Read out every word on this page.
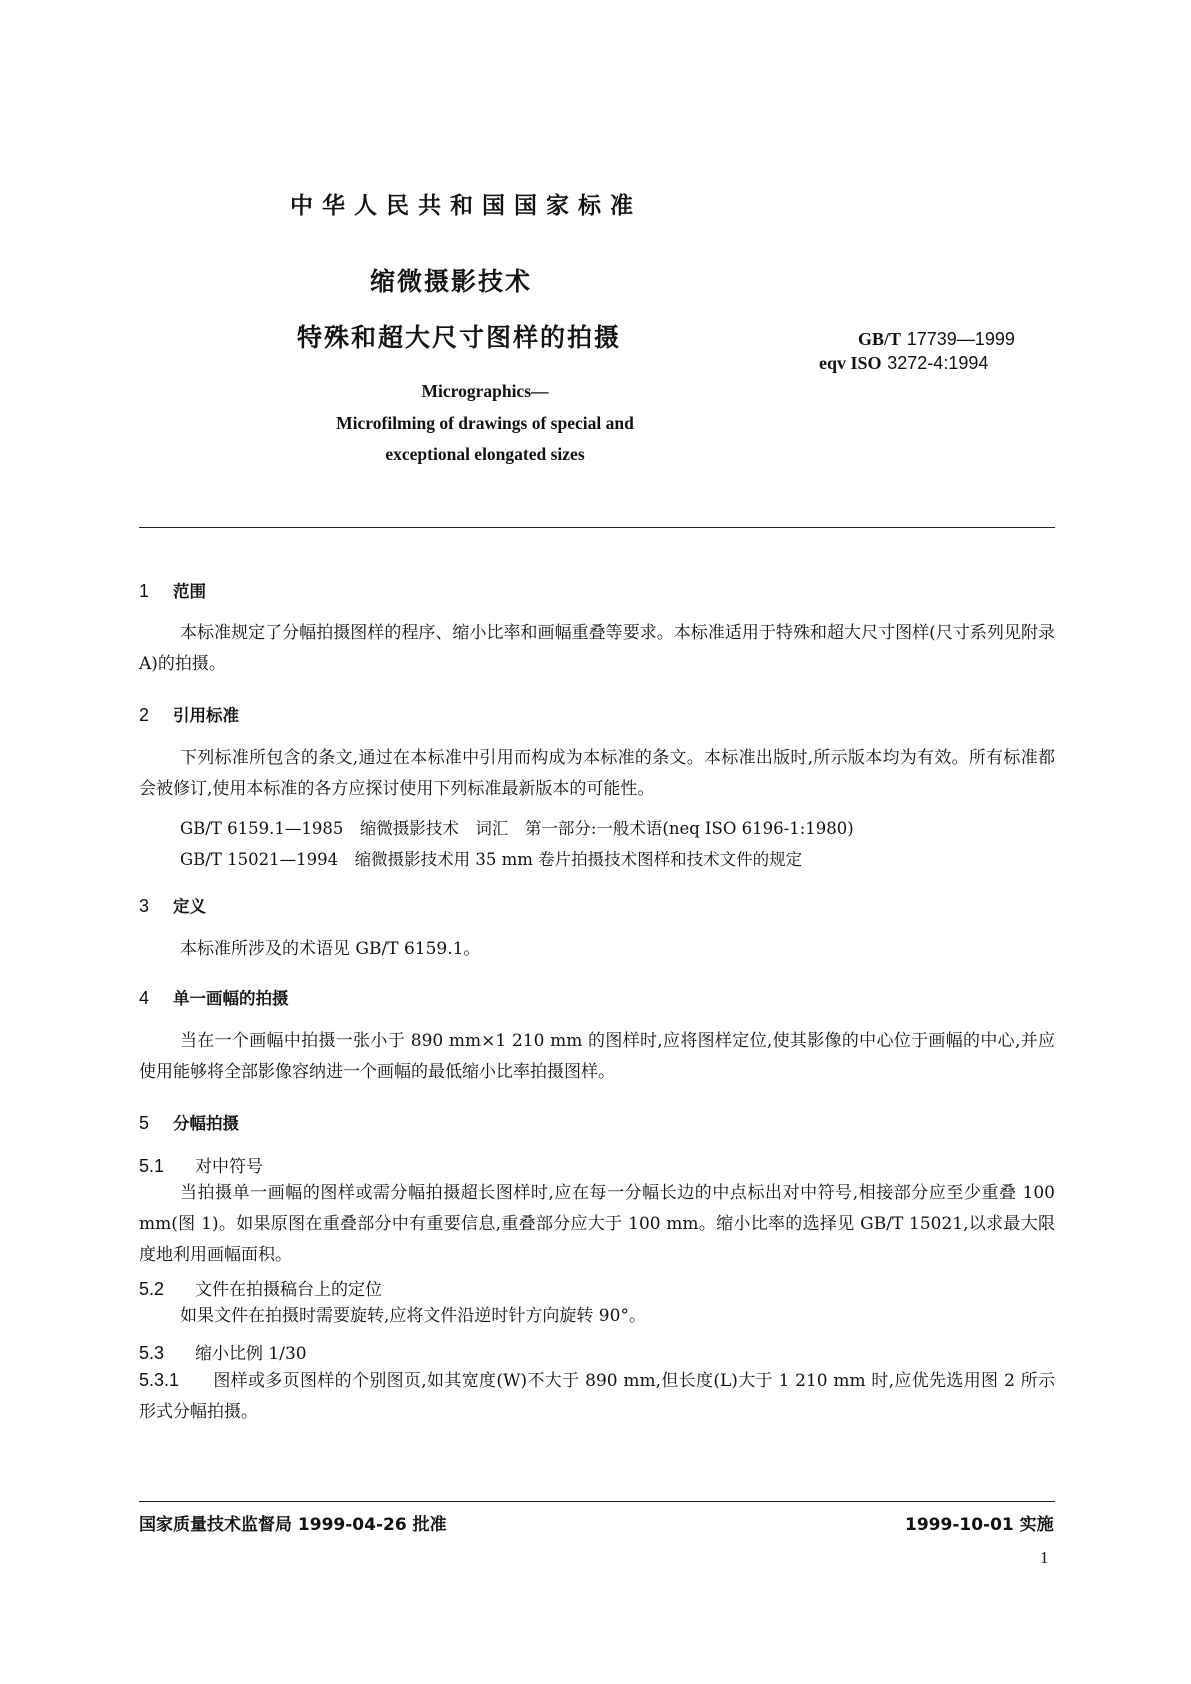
中华人民共和国国家标准
缩微摄影技术
特殊和超大尺寸图样的拍摄	GB/T 17739—1999
eqv ISO 3272-4:1994
Micrographics—
Microfilming of drawings of special and
exceptional elongated sizes
1 范围
本标准规定了分幅拍摄图样的程序、缩小比率和画幅重叠等要求。本标准适用于特殊和超大尺寸图样(尺寸系列见附录A)的拍摄。
2 引用标准
下列标准所包含的条文,通过在本标准中引用而构成为本标准的条文。本标准出版时,所示版本均为有效。所有标准都会被修订,使用本标准的各方应探讨使用下列标准最新版本的可能性。
GB/T 6159.1—1985　缩微摄影技术　词汇　第一部分:一般术语(neq ISO 6196-1:1980)
GB/T 15021—1994　缩微摄影技术用 35 mm 卷片拍摄技术图样和技术文件的规定
3 定义
本标准所涉及的术语见 GB/T 6159.1。
4 单一画幅的拍摄
当在一个画幅中拍摄一张小于 890 mm×1 210 mm 的图样时,应将图样定位,使其影像的中心位于画幅的中心,并应使用能够将全部影像容纳进一个画幅的最低缩小比率拍摄图样。
5 分幅拍摄
5.1 对中符号
当拍摄单一画幅的图样或需分幅拍摄超长图样时,应在每一分幅长边的中点标出对中符号,相接部分应至少重叠 100 mm(图 1)。如果原图在重叠部分中有重要信息,重叠部分应大于 100 mm。缩小比率的选择见 GB/T 15021,以求最大限度地利用画幅面积。
5.2 文件在拍摄稿台上的定位
如果文件在拍摄时需要旋转,应将文件沿逆时针方向旋转 90°。
5.3 缩小比例 1/30
5.3.1 图样或多页图样的个别图页,如其宽度(W)不大于 890 mm,但长度(L)大于 1 210 mm 时,应优先选用图 2 所示形式分幅拍摄。
国家质量技术监督局 1999-04-26 批准	1999-10-01 实施
1
